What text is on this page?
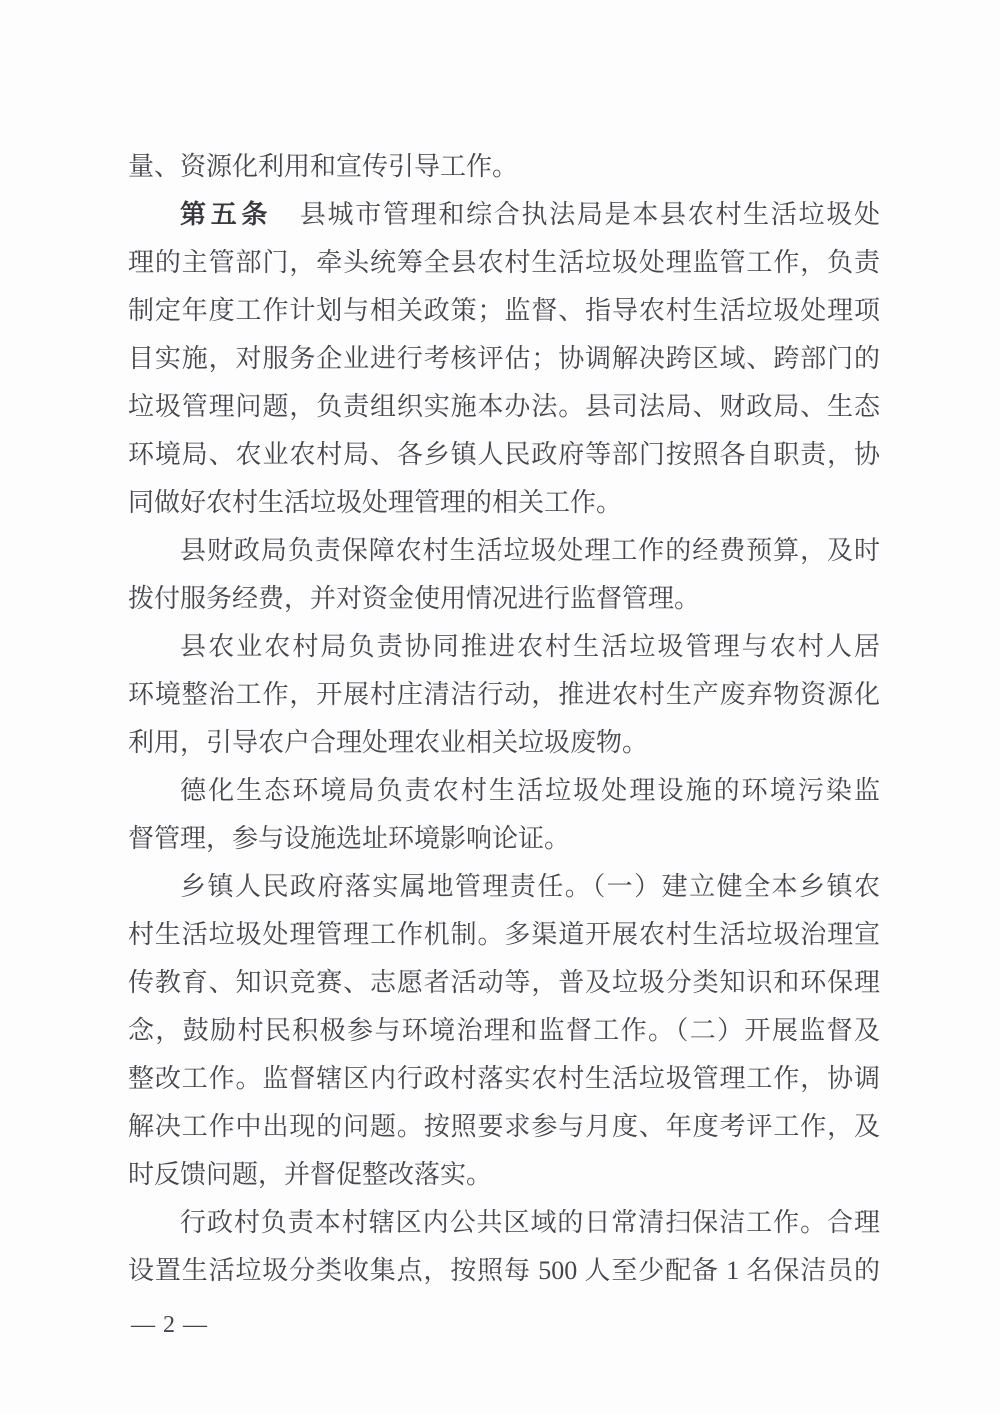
量、资源化利用和宣传引导工作。
第五条　县城市管理和综合执法局是本县农村生活垃圾处
理的主管部门，牵头统筹全县农村生活垃圾处理监管工作，负责
制定年度工作计划与相关政策；监督、指导农村生活垃圾处理项
目实施，对服务企业进行考核评估；协调解决跨区域、跨部门的
垃圾管理问题，负责组织实施本办法。县司法局、财政局、生态
环境局、农业农村局、各乡镇人民政府等部门按照各自职责，协
同做好农村生活垃圾处理管理的相关工作。
县财政局负责保障农村生活垃圾处理工作的经费预算，及时
拨付服务经费，并对资金使用情况进行监督管理。
县农业农村局负责协同推进农村生活垃圾管理与农村人居
环境整治工作，开展村庄清洁行动，推进农村生产废弃物资源化
利用，引导农户合理处理农业相关垃圾废物。
德化生态环境局负责农村生活垃圾处理设施的环境污染监
督管理，参与设施选址环境影响论证。
乡镇人民政府落实属地管理责任。（一）建立健全本乡镇农
村生活垃圾处理管理工作机制。多渠道开展农村生活垃圾治理宣
传教育、知识竞赛、志愿者活动等，普及垃圾分类知识和环保理
念，鼓励村民积极参与环境治理和监督工作。（二）开展监督及
整改工作。监督辖区内行政村落实农村生活垃圾管理工作，协调
解决工作中出现的问题。按照要求参与月度、年度考评工作，及
时反馈问题，并督促整改落实。
行政村负责本村辖区内公共区域的日常清扫保洁工作。合理
设置生活垃圾分类收集点，按照每 500 人至少配备 1 名保洁员的
— 2 —
